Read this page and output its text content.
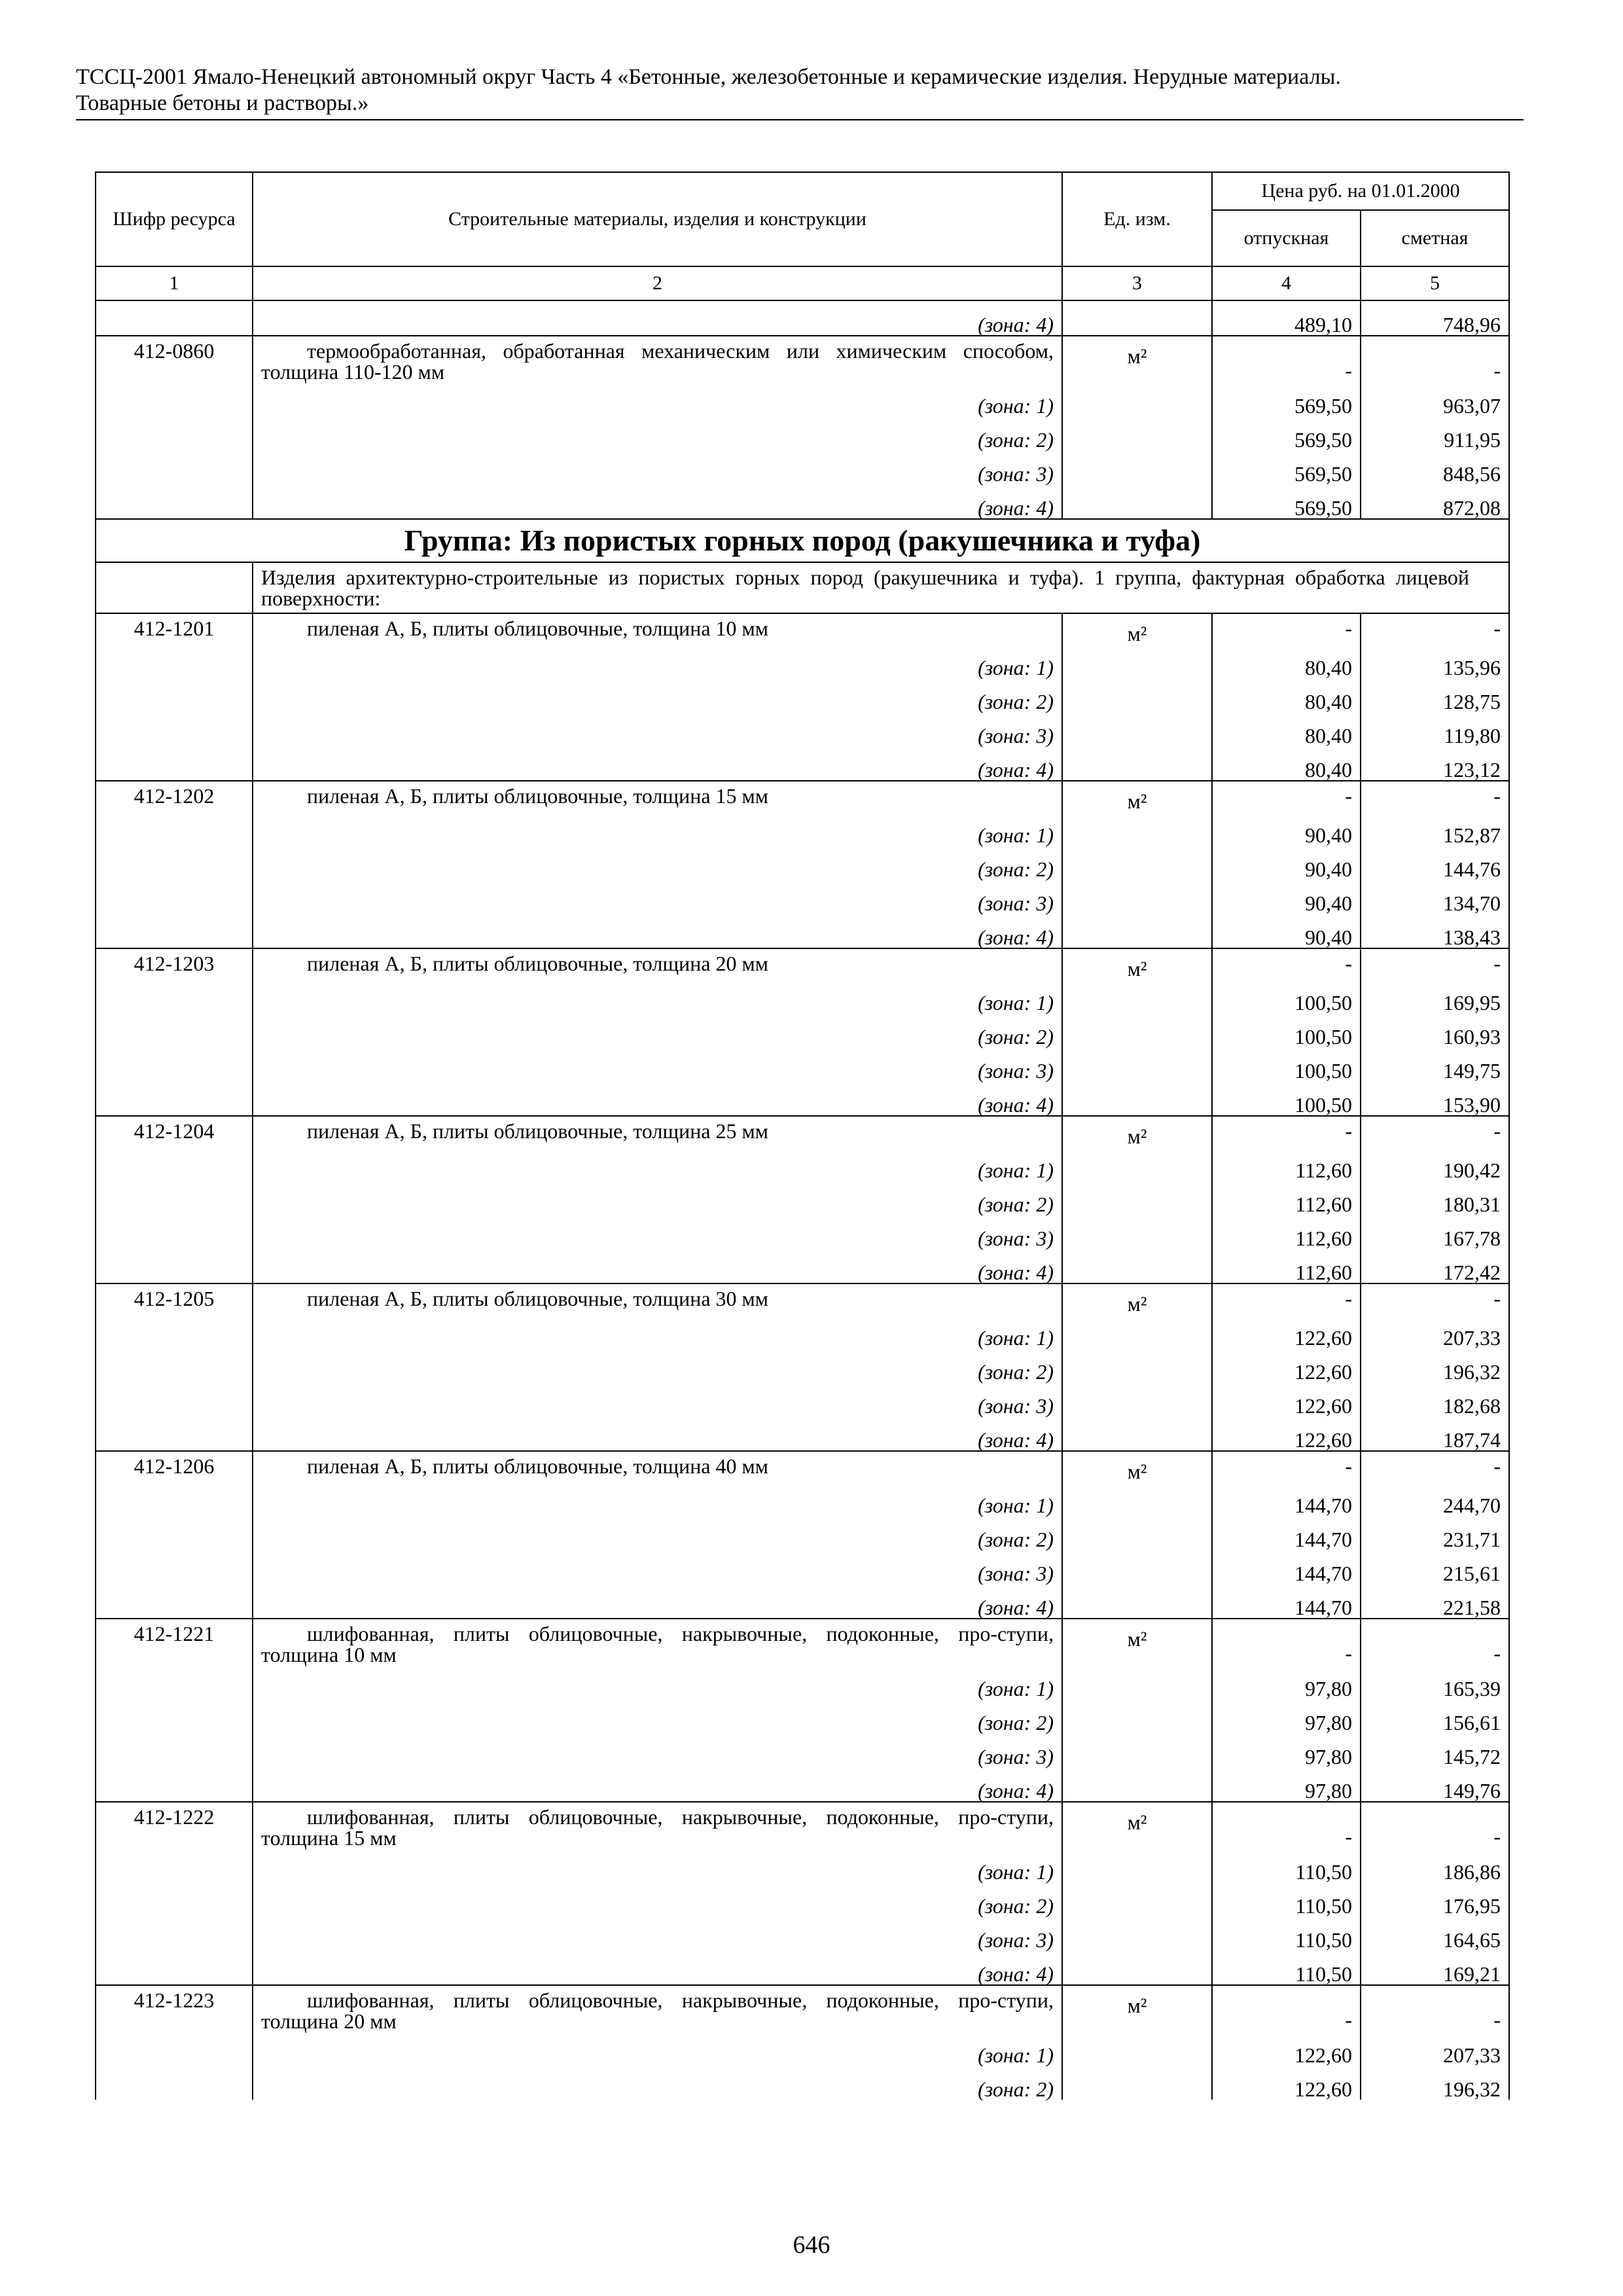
ТССЦ-2001 Ямало-Ненецкий автономный округ Часть 4 «Бетонные, железобетонные и керамические изделия. Нерудные материалы.
Товарные бетоны и растворы.»
Шифр ресурса	Строительные материалы, изделия и конструкции	Ед. изм.	Цена руб. на 01.01.2000	
			отпускная	сметная
1	2	3	4	5
	(зона: 4)		489,10	748,96
412-0860	термообработанная, обработанная механическим или химическим способом, толщина 110-120 мм	м²	-	-
	(зона: 1)		569,50	963,07
	(зона: 2)		569,50	911,95
	(зона: 3)		569,50	848,56
	(зона: 4)		569,50	872,08
Группа: Из пористых горных пород (ракушечника и туфа)				
	Изделия архитектурно-строительные из пористых горных пород (ракушечника и туфа). 1 группа, фактурная обработка лицевой поверхности:			
412-1201	пиленая А, Б, плиты облицовочные, толщина 10 мм	м²	-	-
	(зона: 1)		80,40	135,96
	(зона: 2)		80,40	128,75
	(зона: 3)		80,40	119,80
	(зона: 4)		80,40	123,12
412-1202	пиленая А, Б, плиты облицовочные, толщина 15 мм	м²	-	-
	(зона: 1)		90,40	152,87
	(зона: 2)		90,40	144,76
	(зона: 3)		90,40	134,70
	(зона: 4)		90,40	138,43
412-1203	пиленая А, Б, плиты облицовочные, толщина 20 мм	м²	-	-
	(зона: 1)		100,50	169,95
	(зона: 2)		100,50	160,93
	(зона: 3)		100,50	149,75
	(зона: 4)		100,50	153,90
412-1204	пиленая А, Б, плиты облицовочные, толщина 25 мм	м²	-	-
	(зона: 1)		112,60	190,42
	(зона: 2)		112,60	180,31
	(зона: 3)		112,60	167,78
	(зона: 4)		112,60	172,42
412-1205	пиленая А, Б, плиты облицовочные, толщина 30 мм	м²	-	-
	(зона: 1)		122,60	207,33
	(зона: 2)		122,60	196,32
	(зона: 3)		122,60	182,68
	(зона: 4)		122,60	187,74
412-1206	пиленая А, Б, плиты облицовочные, толщина 40 мм	м²	-	-
	(зона: 1)		144,70	244,70
	(зона: 2)		144,70	231,71
	(зона: 3)		144,70	215,61
	(зона: 4)		144,70	221,58
412-1221	шлифованная, плиты облицовочные, накрывочные, подоконные, про-ступи, толщина 10 мм	м²	-	-
	(зона: 1)		97,80	165,39
	(зона: 2)		97,80	156,61
	(зона: 3)		97,80	145,72
	(зона: 4)		97,80	149,76
412-1222	шлифованная, плиты облицовочные, накрывочные, подоконные, про-ступи, толщина 15 мм	м²	-	-
	(зона: 1)		110,50	186,86
	(зона: 2)		110,50	176,95
	(зона: 3)		110,50	164,65
	(зона: 4)		110,50	169,21
412-1223	шлифованная, плиты облицовочные, накрывочные, подоконные, про-ступи, толщина 20 мм	м²	-	-
	(зона: 1)		122,60	207,33
	(зона: 2)		122,60	196,32
646
